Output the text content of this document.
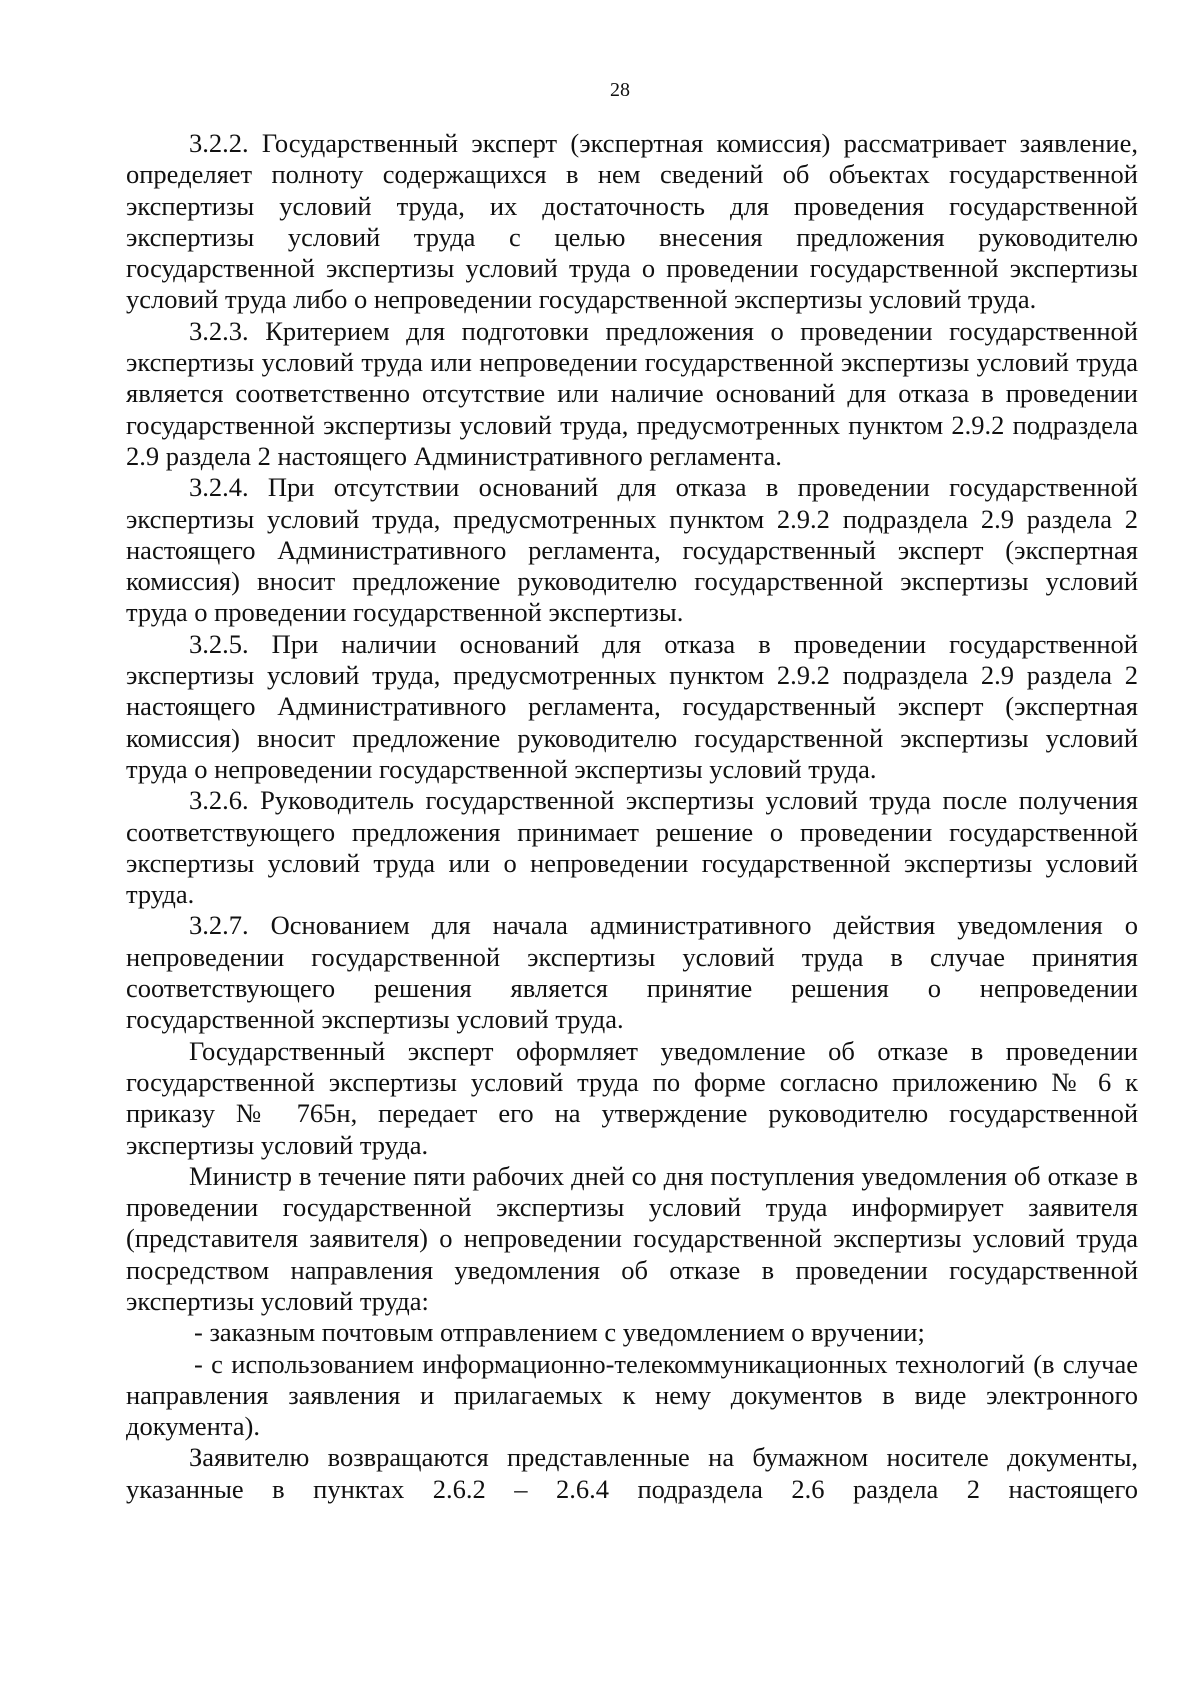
28

3.2.2. Государственный эксперт (экспертная комиссия) рассматривает заявление, определяет полноту содержащихся в нем сведений об объектах государственной экспертизы условий труда, их достаточность для проведения государственной экспертизы условий труда с целью внесения предложения руководителю государственной экспертизы условий труда о проведении государственной экспертизы условий труда либо о непроведении государственной экспертизы условий труда.

3.2.3. Критерием для подготовки предложения о проведении государственной экспертизы условий труда или непроведении государственной экспертизы условий труда является соответственно отсутствие или наличие оснований для отказа в проведении государственной экспертизы условий труда, предусмотренных пунктом 2.9.2 подраздела 2.9 раздела 2 настоящего Административного регламента.

3.2.4. При отсутствии оснований для отказа в проведении государственной экспертизы условий труда, предусмотренных пунктом 2.9.2 подраздела 2.9 раздела 2 настоящего Административного регламента, государственный эксперт (экспертная комиссия) вносит предложение руководителю государственной экспертизы условий труда о проведении государственной экспертизы.

3.2.5. При наличии оснований для отказа в проведении государственной экспертизы условий труда, предусмотренных пунктом 2.9.2 подраздела 2.9 раздела 2 настоящего Административного регламента, государственный эксперт (экспертная комиссия) вносит предложение руководителю государственной экспертизы условий труда о непроведении государственной экспертизы условий труда.

3.2.6. Руководитель государственной экспертизы условий труда после получения соответствующего предложения принимает решение о проведении государственной экспертизы условий труда или о непроведении государственной экспертизы условий труда.

3.2.7. Основанием для начала административного действия уведомления о непроведении государственной экспертизы условий труда в случае принятия соответствующего решения является принятие решения о непроведении государственной экспертизы условий труда.

Государственный эксперт оформляет уведомление об отказе в проведении государственной экспертизы условий труда по форме согласно приложению № 6 к приказу № 765н, передает его на утверждение руководителю государственной экспертизы условий труда.

Министр в течение пяти рабочих дней со дня поступления уведомления об отказе в проведении государственной экспертизы условий труда информирует заявителя (представителя заявителя) о непроведении государственной экспертизы условий труда посредством направления уведомления об отказе в проведении государственной экспертизы условий труда:

- заказным почтовым отправлением с уведомлением о вручении;

- с использованием информационно-телекоммуникационных технологий (в случае направления заявления и прилагаемых к нему документов в виде электронного документа).

Заявителю возвращаются представленные на бумажном носителе документы, указанные в пунктах 2.6.2 – 2.6.4 подраздела 2.6 раздела 2 настоящего
